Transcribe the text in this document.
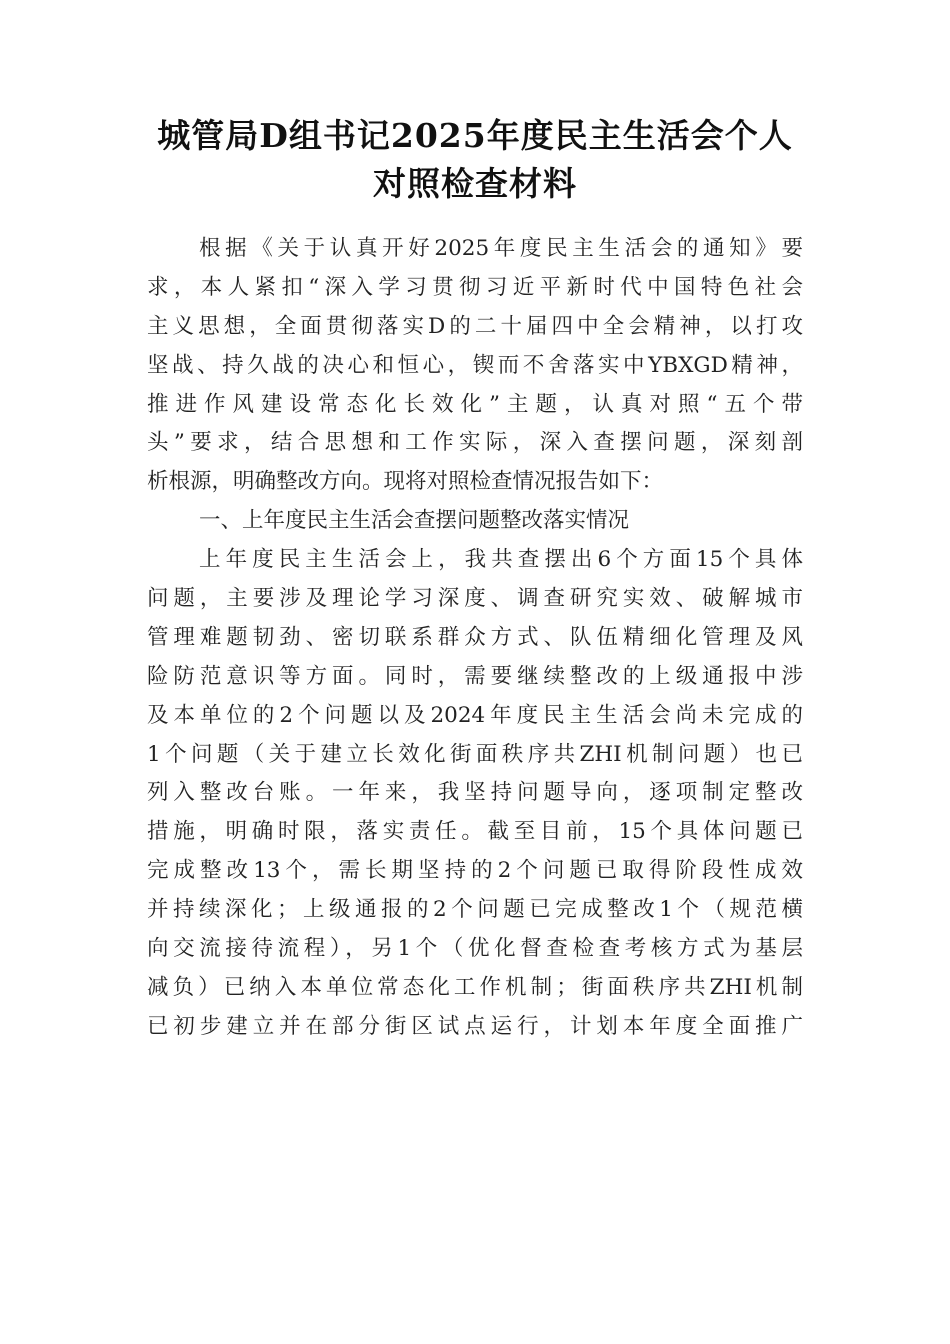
城管局D组书记2025年度民主生活会个人
对照检查材料
根据《关于认真开好2025年度民主生活会的通知》要
求，本人紧扣“深入学习贯彻习近平新时代中国特色社会
主义思想，全面贯彻落实D的二十届四中全会精神，以打攻
坚战、持久战的决心和恒心，锲而不舍落实中YBXGD精神，
推进作风建设常态化长效化”主题，认真对照“五个带
头”要求，结合思想和工作实际，深入查摆问题，深刻剖
析根源，明确整改方向。现将对照检查情况报告如下：
一、上年度民主生活会查摆问题整改落实情况
上年度民主生活会上，我共查摆出6个方面15个具体
问题，主要涉及理论学习深度、调查研究实效、破解城市
管理难题韧劲、密切联系群众方式、队伍精细化管理及风
险防范意识等方面。同时，需要继续整改的上级通报中涉
及本单位的2个问题以及2024年度民主生活会尚未完成的
1个问题（关于建立长效化街面秩序共ZHI机制问题）也已
列入整改台账。一年来，我坚持问题导向，逐项制定整改
措施，明确时限，落实责任。截至目前，15个具体问题已
完成整改13个，需长期坚持的2个问题已取得阶段性成效
并持续深化；上级通报的2个问题已完成整改1个（规范横
向交流接待流程），另1个（优化督查检查考核方式为基层
减负）已纳入本单位常态化工作机制；街面秩序共ZHI机制
已初步建立并在部分街区试点运行，计划本年度全面推广
